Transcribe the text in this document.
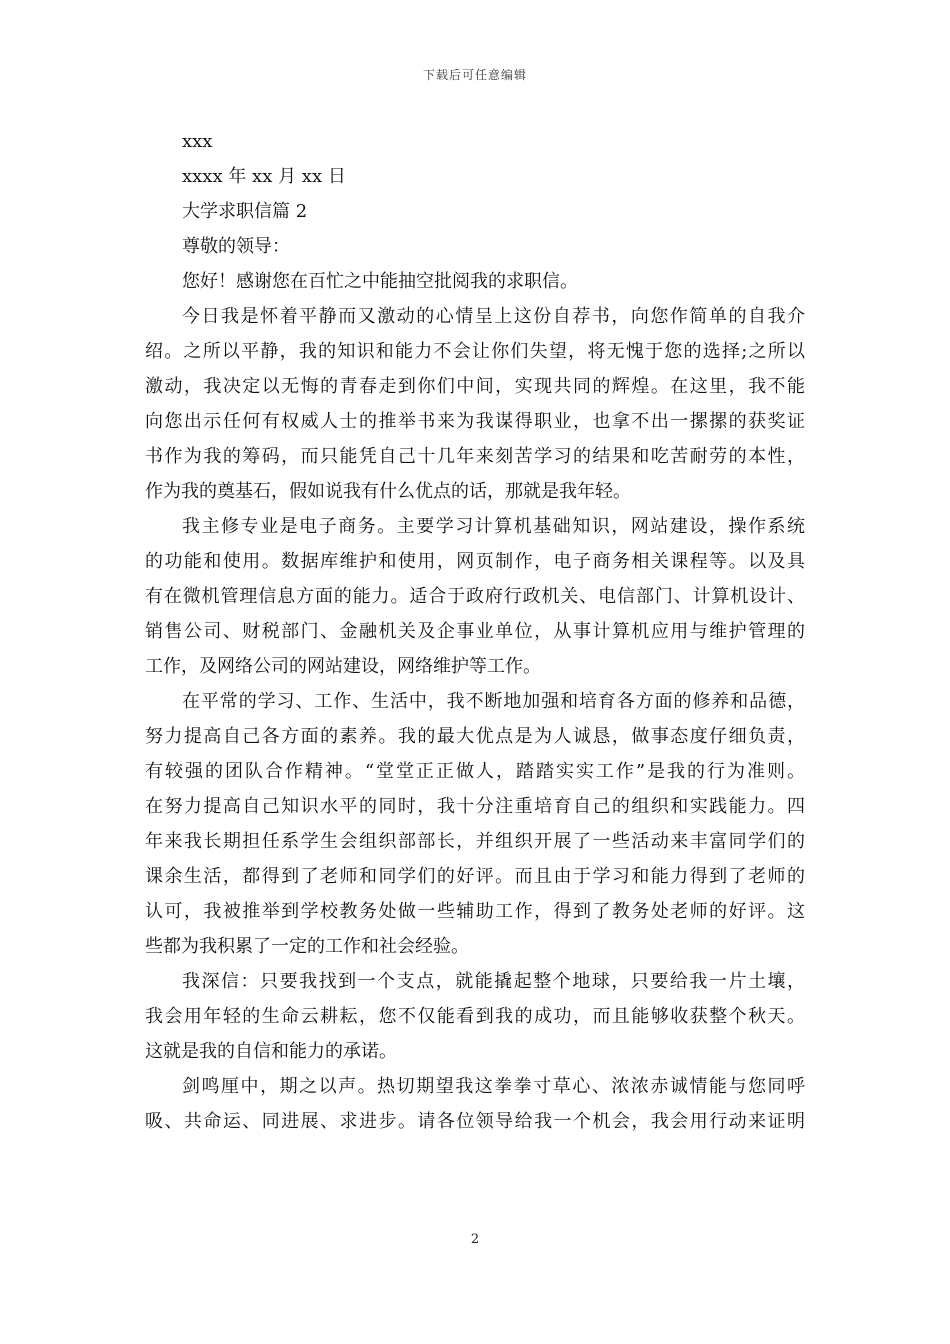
下载后可任意编辑
xxx
xxxx 年 xx 月 xx 日
大学求职信篇 2
尊敬的领导：
您好！感谢您在百忙之中能抽空批阅我的求职信。
今日我是怀着平静而又激动的心情呈上这份自荐书，向您作简单的自我介
绍。之所以平静，我的知识和能力不会让你们失望，将无愧于您的选择;之所以
激动，我决定以无悔的青春走到你们中间，实现共同的辉煌。在这里，我不能
向您出示任何有权威人士的推举书来为我谋得职业，也拿不出一摞摞的获奖证
书作为我的筹码，而只能凭自己十几年来刻苦学习的结果和吃苦耐劳的本性，
作为我的奠基石，假如说我有什么优点的话，那就是我年轻。
我主修专业是电子商务。主要学习计算机基础知识，网站建设，操作系统
的功能和使用。数据库维护和使用，网页制作，电子商务相关课程等。以及具
有在微机管理信息方面的能力。适合于政府行政机关、电信部门、计算机设计、
销售公司、财税部门、金融机关及企事业单位，从事计算机应用与维护管理的
工作，及网络公司的网站建设，网络维护等工作。
在平常的学习、工作、生活中，我不断地加强和培育各方面的修养和品德，
努力提高自己各方面的素养。我的最大优点是为人诚恳，做事态度仔细负责，
有较强的团队合作精神。“堂堂正正做人，踏踏实实工作”是我的行为准则。
在努力提高自己知识水平的同时，我十分注重培育自己的组织和实践能力。四
年来我长期担任系学生会组织部部长，并组织开展了一些活动来丰富同学们的
课余生活，都得到了老师和同学们的好评。而且由于学习和能力得到了老师的
认可，我被推举到学校教务处做一些辅助工作，得到了教务处老师的好评。这
些都为我积累了一定的工作和社会经验。
我深信：只要我找到一个支点，就能撬起整个地球，只要给我一片土壤，
我会用年轻的生命云耕耘，您不仅能看到我的成功，而且能够收获整个秋天。
这就是我的自信和能力的承诺。
剑鸣厘中，期之以声。热切期望我这拳拳寸草心、浓浓赤诚情能与您同呼
吸、共命运、同进展、求进步。请各位领导给我一个机会，我会用行动来证明
2
